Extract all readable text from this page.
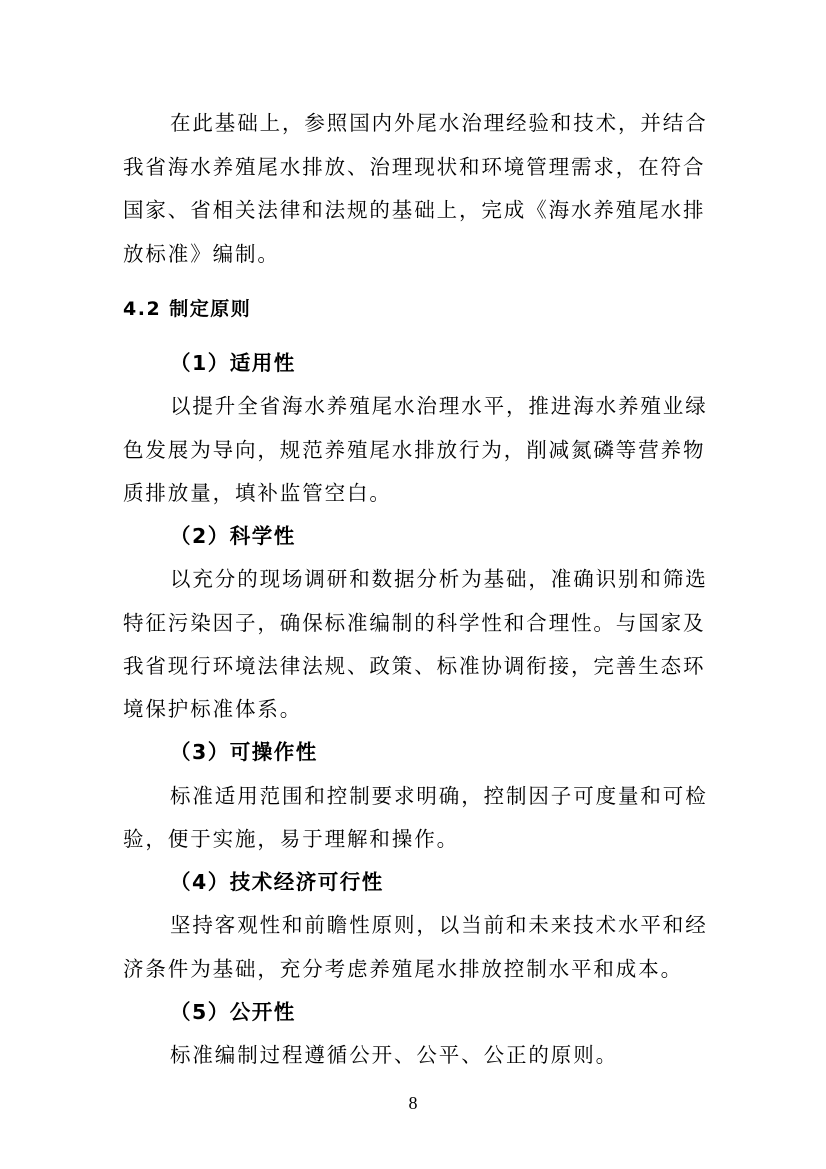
在此基础上，参照国内外尾水治理经验和技术，并结合
我省海水养殖尾水排放、治理现状和环境管理需求，在符合
国家、省相关法律和法规的基础上，完成《海水养殖尾水排
放标准》编制。
4.2 制定原则
（1）适用性
以提升全省海水养殖尾水治理水平，推进海水养殖业绿
色发展为导向，规范养殖尾水排放行为，削减氮磷等营养物
质排放量，填补监管空白。
（2）科学性
以充分的现场调研和数据分析为基础，准确识别和筛选
特征污染因子，确保标准编制的科学性和合理性。与国家及
我省现行环境法律法规、政策、标准协调衔接，完善生态环
境保护标准体系。
（3）可操作性
标准适用范围和控制要求明确，控制因子可度量和可检
验，便于实施，易于理解和操作。
（4）技术经济可行性
坚持客观性和前瞻性原则，以当前和未来技术水平和经
济条件为基础，充分考虑养殖尾水排放控制水平和成本。
（5）公开性
标准编制过程遵循公开、公平、公正的原则。
8
